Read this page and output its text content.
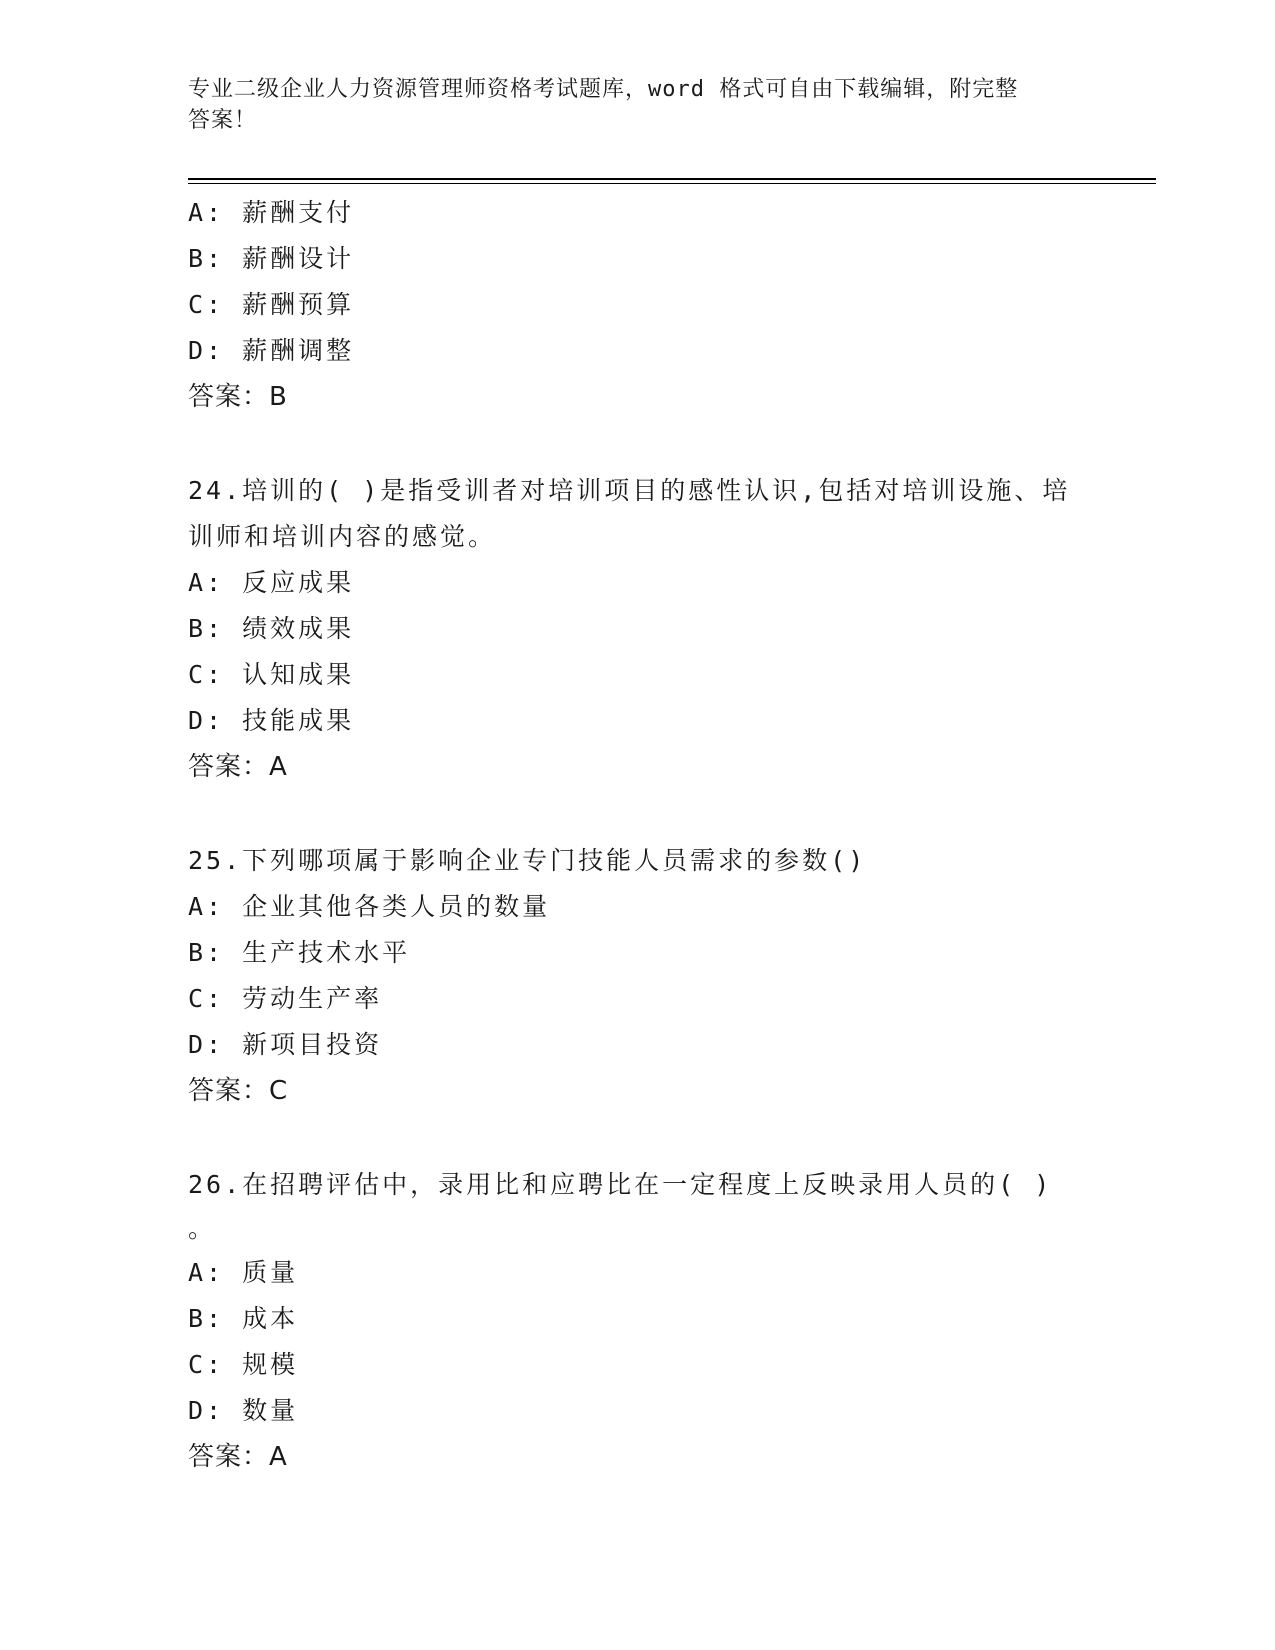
专业二级企业人力资源管理师资格考试题库，word 格式可自由下载编辑，附完整
答案！
A: 薪酬支付
B: 薪酬设计
C: 薪酬预算
D: 薪酬调整
答案：B
24.培训的( )是指受训者对培训项目的感性认识,包括对培训设施、培
训师和培训内容的感觉。
A: 反应成果
B: 绩效成果
C: 认知成果
D: 技能成果
答案：A
25.下列哪项属于影响企业专门技能人员需求的参数()
A: 企业其他各类人员的数量
B: 生产技术水平
C: 劳动生产率
D: 新项目投资
答案：C
26.在招聘评估中，录用比和应聘比在一定程度上反映录用人员的( )
。
A: 质量
B: 成本
C: 规模
D: 数量
答案：A
